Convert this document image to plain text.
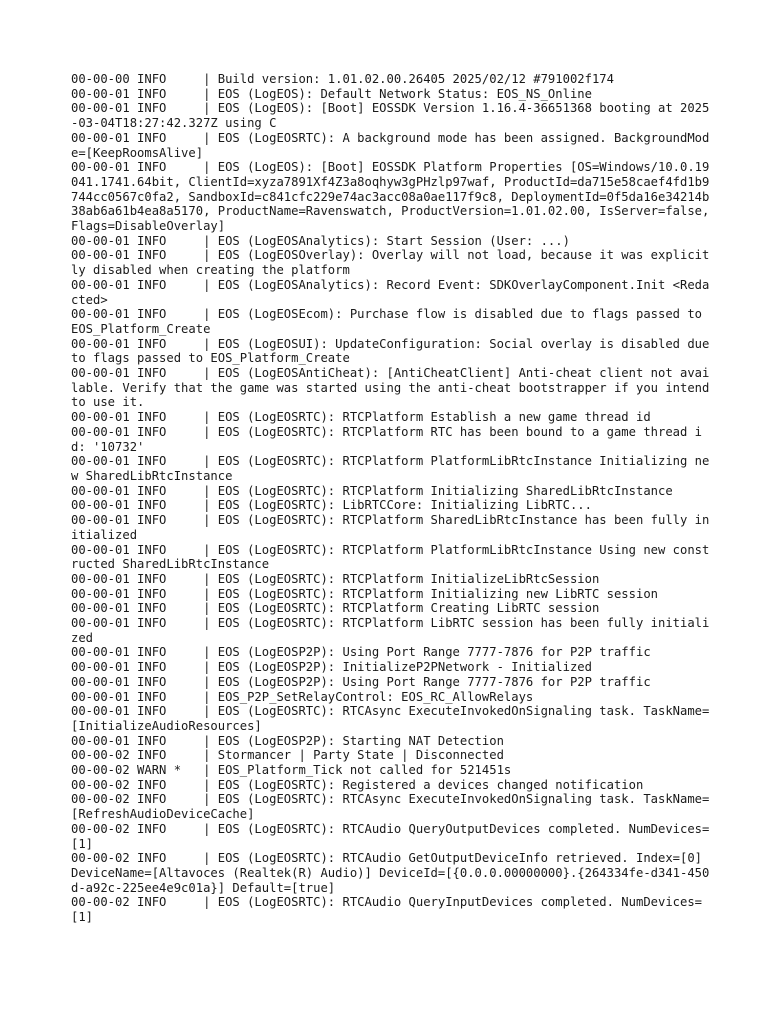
00-00-00 INFO     | Build version: 1.01.02.00.26405 2025/02/12 #791002f174

00-00-01 INFO     | EOS (LogEOS): Default Network Status: EOS_NS_Online

00-00-01 INFO     | EOS (LogEOS): [Boot] EOSSDK Version 1.16.4-36651368 booting at 2025-03-04T18:27:42.327Z using C

00-00-01 INFO     | EOS (LogEOSRTC): A background mode has been assigned. BackgroundMode=[KeepRoomsAlive]

00-00-01 INFO     | EOS (LogEOS): [Boot] EOSSDK Platform Properties [OS=Windows/10.0.19041.1741.64bit, ClientId=xyza7891Xf4Z3a8oqhyw3gPHzlp97waf, ProductId=da715e58caef4fd1b9744cc0567c0fa2, SandboxId=c841cfc229e74ac3acc08a0ae117f9c8, DeploymentId=0f5da16e34214b38ab6a61b4ea8a5170, ProductName=Ravenswatch, ProductVersion=1.01.02.00, IsServer=false, Flags=DisableOverlay]

00-00-01 INFO     | EOS (LogEOSAnalytics): Start Session (User: ...)

00-00-01 INFO     | EOS (LogEOSOverlay): Overlay will not load, because it was explicitly disabled when creating the platform

00-00-01 INFO     | EOS (LogEOSAnalytics): Record Event: SDKOverlayComponent.Init <Redacted>

00-00-01 INFO     | EOS (LogEOSEcom): Purchase flow is disabled due to flags passed to EOS_Platform_Create

00-00-01 INFO     | EOS (LogEOSUI): UpdateConfiguration: Social overlay is disabled due to flags passed to EOS_Platform_Create

00-00-01 INFO     | EOS (LogEOSAntiCheat): [AntiCheatClient] Anti-cheat client not available. Verify that the game was started using the anti-cheat bootstrapper if you intend to use it.

00-00-01 INFO     | EOS (LogEOSRTC): RTCPlatform Establish a new game thread id

00-00-01 INFO     | EOS (LogEOSRTC): RTCPlatform RTC has been bound to a game thread id: '10732'

00-00-01 INFO     | EOS (LogEOSRTC): RTCPlatform PlatformLibRtcInstance Initializing new SharedLibRtcInstance

00-00-01 INFO     | EOS (LogEOSRTC): RTCPlatform Initializing SharedLibRtcInstance

00-00-01 INFO     | EOS (LogEOSRTC): LibRTCCore: Initializing LibRTC...

00-00-01 INFO     | EOS (LogEOSRTC): RTCPlatform SharedLibRtcInstance has been fully initialized

00-00-01 INFO     | EOS (LogEOSRTC): RTCPlatform PlatformLibRtcInstance Using new constructed SharedLibRtcInstance

00-00-01 INFO     | EOS (LogEOSRTC): RTCPlatform InitializeLibRtcSession

00-00-01 INFO     | EOS (LogEOSRTC): RTCPlatform Initializing new LibRTC session

00-00-01 INFO     | EOS (LogEOSRTC): RTCPlatform Creating LibRTC session

00-00-01 INFO     | EOS (LogEOSRTC): RTCPlatform LibRTC session has been fully initialized

00-00-01 INFO     | EOS (LogEOSP2P): Using Port Range 7777-7876 for P2P traffic

00-00-01 INFO     | EOS (LogEOSP2P): InitializeP2PNetwork - Initialized

00-00-01 INFO     | EOS (LogEOSP2P): Using Port Range 7777-7876 for P2P traffic

00-00-01 INFO     | EOS_P2P_SetRelayControl: EOS_RC_AllowRelays

00-00-01 INFO     | EOS (LogEOSRTC): RTCAsync ExecuteInvokedOnSignaling task. TaskName=[InitializeAudioResources]

00-00-01 INFO     | EOS (LogEOSP2P): Starting NAT Detection

00-00-02 INFO     | Stormancer | Party State | Disconnected

00-00-02 WARN *   | EOS_Platform_Tick not called for 521451s

00-00-02 INFO     | EOS (LogEOSRTC): Registered a devices changed notification

00-00-02 INFO     | EOS (LogEOSRTC): RTCAsync ExecuteInvokedOnSignaling task. TaskName=[RefreshAudioDeviceCache]

00-00-02 INFO     | EOS (LogEOSRTC): RTCAudio QueryOutputDevices completed. NumDevices=[1]

00-00-02 INFO     | EOS (LogEOSRTC): RTCAudio GetOutputDeviceInfo retrieved. Index=[0] DeviceName=[Altavoces (Realtek(R) Audio)] DeviceId=[{0.0.0.00000000}.{264334fe-d341-450d-a92c-225ee4e9c01a}] Default=[true]

00-00-02 INFO     | EOS (LogEOSRTC): RTCAudio QueryInputDevices completed. NumDevices=[1]
